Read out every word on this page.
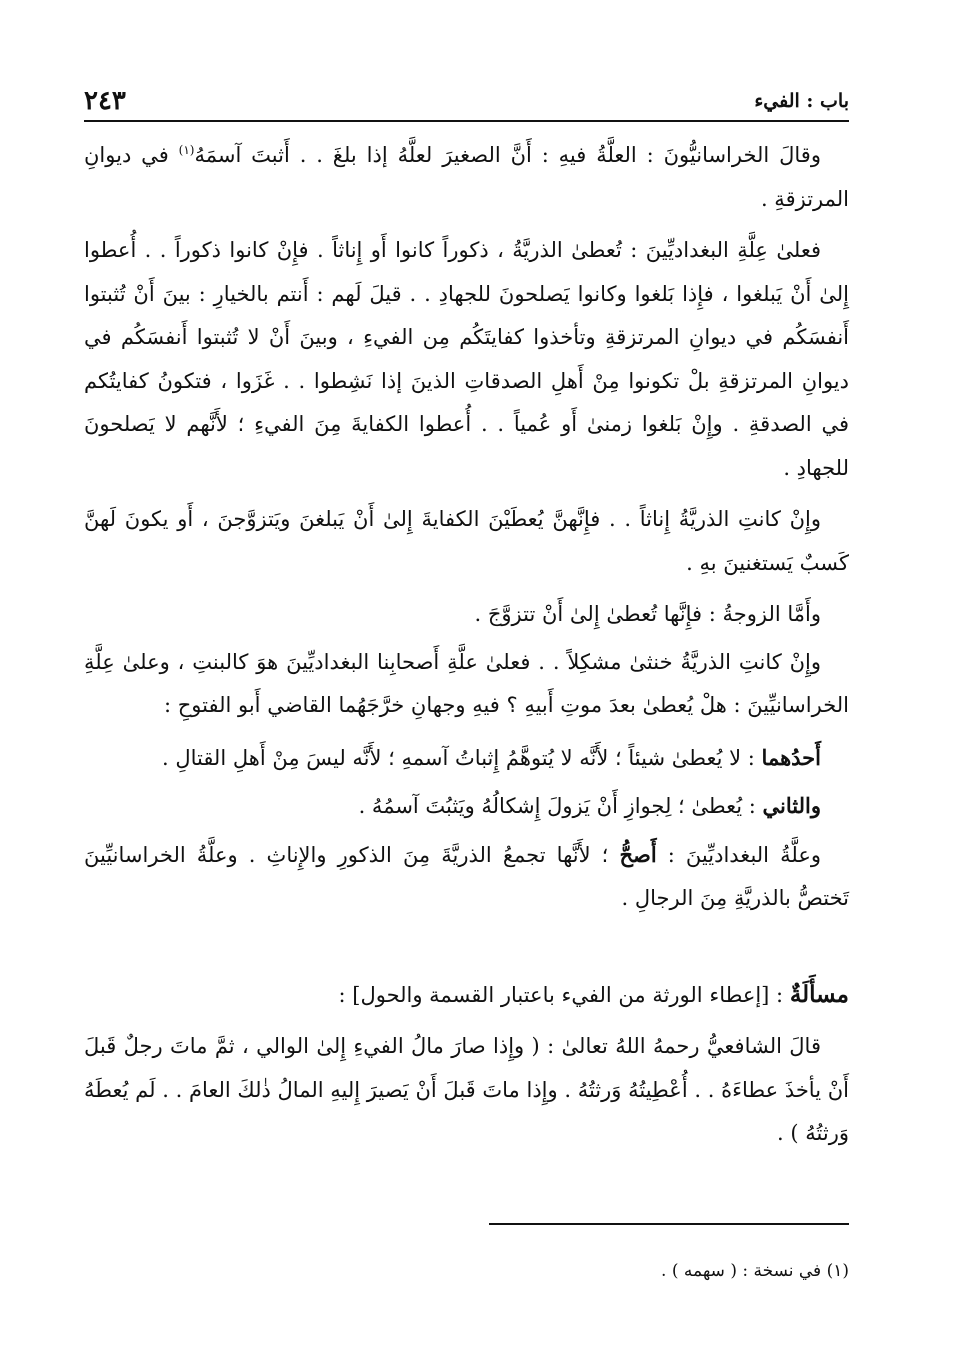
باب : الفيء
٢٤٣

وقالَ الخراسانيُّونَ : العلَّةُ فيهِ : أَنَّ الصغيرَ لعلَّهُ إذا بلغَ . . أَثبتَ آسمَهُ$^{(١)}$ في ديوانِ المرتزقةِ .

فعلىٰ عِلَّةِ البغداديِّينَ : تُعطىٰ الذريَّةُ ، ذكوراً كانوا أَو إِناثاً . فإِنْ كانوا ذكوراً . . أُعطوا إِلىٰ أَنْ يَبلغوا ، فإِذا بَلغوا وكانوا يَصلحونَ للجهادِ . . قيلَ لَهم : أَنتم بالخيارِ : بينَ أَنْ تُثبتوا أَنفسَكُم في ديوانِ المرتزقةِ وتأخذوا كفايتَكُم مِن الفيءِ ، وبينَ أَنْ لا تُثبتوا أَنفسَكُم في ديوانِ المرتزقةِ بلْ تكونوا مِنْ أَهلِ الصدقاتِ الذينَ إذا نَشِطوا . . غَزَوا ، فتكونُ كفايتُكم في الصدقةِ . وإِنْ بَلغوا زمنىٰ أَو عُمياً . . أُعطوا الكفايةَ مِنَ الفيءِ ؛ لأَنَّهم لا يَصلحونَ للجهادِ .

وإِنْ كانتِ الذريَّةُ إِناثاً . . فإِنَّهنَّ يُعطَيْنَ الكفايةَ إِلىٰ أَنْ يَبلغنَ ويَتزوَّجنَ ، أَو يكونَ لَهنَّ كَسبٌ يَستغنينَ بهِ .

وأَمَّا الزوجةُ : فإِنَّها تُعطىٰ إِلىٰ أَنْ تتزوَّجَ .

وإِنْ كانتِ الذريَّةُ خنثىٰ مشكِلاً . . فعلىٰ علَّةِ أَصحابِنا البغداديِّينَ هوَ كالبنتِ ، وعلىٰ عِلَّةِ الخراسانيِّينَ : هلْ يُعطىٰ بعدَ موتِ أَبيهِ ؟ فيهِ وجهانِ خرَّجَهُما القاضي أَبو الفتوحِ :

أَحدُهما : لا يُعطىٰ شيئاً ؛ لأَنَّه لا يُتوهَّمُ إِثباتُ آسمهِ ؛ لأَنَّه ليسَ مِنْ أَهلِ القتالِ .

والثاني : يُعطىٰ ؛ لِجوازِ أَنْ يَزولَ إِشكالُهُ ويَثبُتَ آسمُهُ .

وعلَّةُ البغداديِّينَ : أَصحُّ ؛ لأَنَّها تجمعُ الذريَّةَ مِنَ الذكورِ والإِناثِ . وعلَّةُ الخراسانيِّينَ تَختصُّ بالذريَّةِ مِنَ الرجالِ .

مسأَلَةٌ : [إعطاء الورثة من الفيء باعتبار القسمة والحول] :

قالَ الشافعيُّ رحمهُ اللهُ تعالىٰ : ( وإِذا صارَ مالُ الفيءِ إِلىٰ الوالي ، ثمَّ ماتَ رجلٌ قَبلَ أَنْ يأخذَ عطاءَهُ . . أُعْطِيتُهُ وَرثتُهُ . وإِذا ماتَ قَبلَ أَنْ يَصيرَ إِليهِ المالُ ذٰلكَ العامَ . . لَم يُعطَهُ وَرثتُهُ ) .

(١) في نسخة : ( سهمه ) .
